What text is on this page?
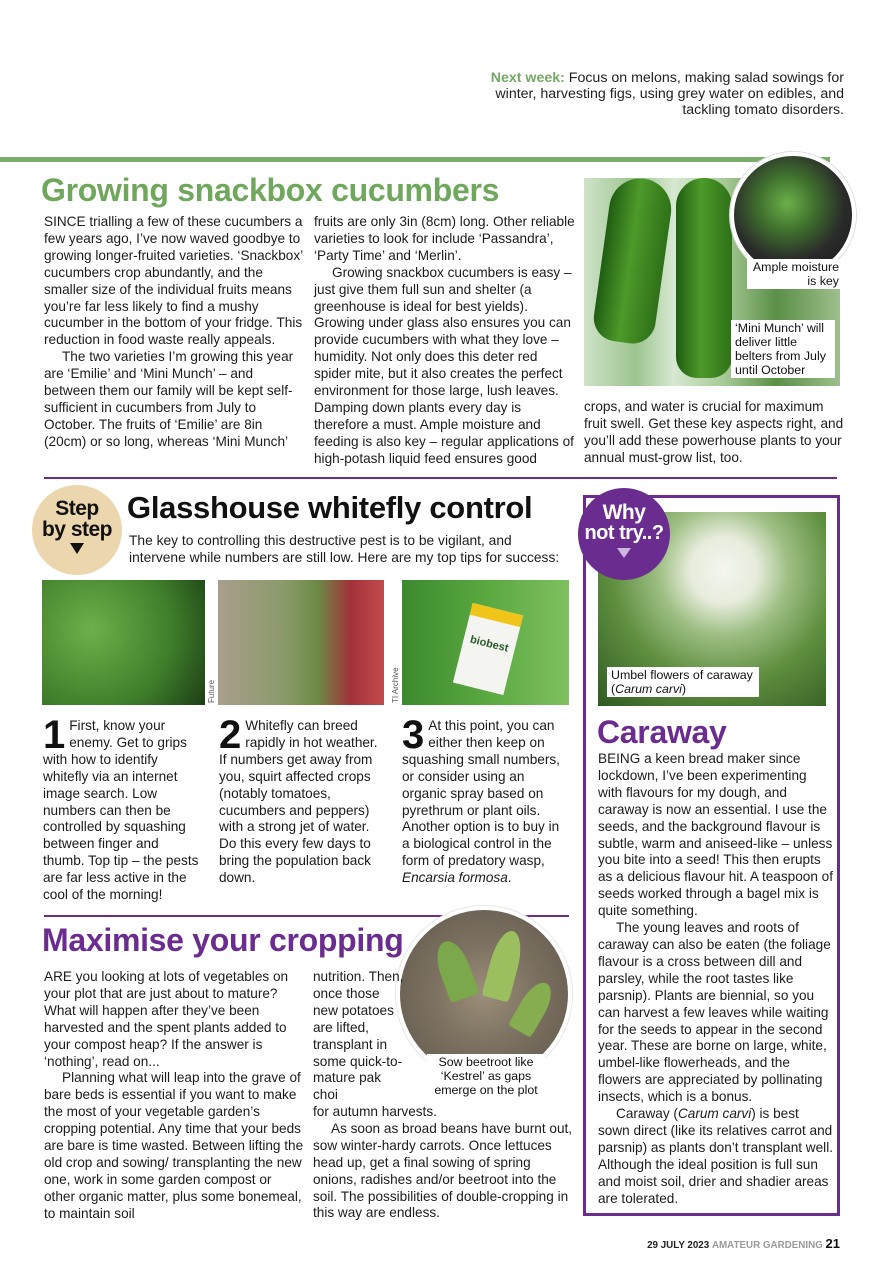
Next week: Focus on melons, making salad sowings for winter, harvesting figs, using grey water on edibles, and tackling tomato disorders.
Growing snackbox cucumbers

SINCE trialling a few of these cucumbers a few years ago, I’ve now waved goodbye to growing longer-fruited varieties. ‘Snackbox’ cucumbers crop abundantly, and the smaller size of the individual fruits means you’re far less likely to find a mushy cucumber in the bottom of your fridge. This reduction in food waste really appeals.

The two varieties I’m growing this year are ‘Emilie’ and ‘Mini Munch’ – and between them our family will be kept self-sufficient in cucumbers from July to October. The fruits of ‘Emilie’ are 8in (20cm) or so long, whereas ‘Mini Munch’

fruits are only 3in (8cm) long. Other reliable varieties to look for include ‘Passandra’, ‘Party Time’ and ‘Merlin’.

Growing snackbox cucumbers is easy – just give them full sun and shelter (a greenhouse is ideal for best yields). Growing under glass also ensures you can provide cucumbers with what they love – humidity. Not only does this deter red spider mite, but it also creates the perfect environment for those large, lush leaves. Damping down plants every day is therefore a must. Ample moisture and feeding is also key – regular applications of high-potash liquid feed ensures good

Ample moisture is key
‘Mini Munch’ will deliver little belters from July until October
crops, and water is crucial for maximum fruit swell. Get these key aspects right, and you’ll add these powerhouse plants to your annual must-grow list, too.
Step
by step
Glasshouse whitefly control
The key to controlling this destructive pest is to be vigilant, and intervene while numbers are still low. Here are my top tips for success:
biobest
Future	TI Archive
1 First, know your enemy. Get to grips with how to identify whitefly via an internet image search. Low numbers can then be controlled by squashing between finger and thumb. Top tip – the pests are far less active in the cool of the morning!
2 Whitefly can breed rapidly in hot weather. If numbers get away from you, squirt affected crops (notably tomatoes, cucumbers and peppers) with a strong jet of water. Do this every few days to bring the population back down.
3 At this point, you can either then keep on squashing small numbers, or consider using an organic spray based on pyrethrum or plant oils. Another option is to buy in a biological control in the form of predatory wasp, Encarsia formosa.
Maximise your cropping
Sow beetroot like ‘Kestrel’ as gaps emerge on the plot

ARE you looking at lots of vegetables on your plot that are just about to mature? What will happen after they’ve been harvested and the spent plants added to your compost heap? If the answer is ‘nothing’, read on...

Planning what will leap into the grave of bare beds is essential if you want to make the most of your vegetable garden’s cropping potential. Any time that your beds are bare is time wasted. Between lifting the old crop and sowing/ transplanting the new one, work in some garden compost or other organic matter, plus some bonemeal, to maintain soil

nutrition. Then, once those new potatoes are lifted, transplant in some quick-to-mature pak choi

for autumn harvests.

As soon as broad beans have burnt out, sow winter-hardy carrots. Once lettuces head up, get a final sowing of spring onions, radishes and/or beetroot into the soil. The possibilities of double-cropping in this way are endless.

Why
not try..?
Umbel flowers of caraway
(Carum carvi)
Caraway

BEING a keen bread maker since lockdown, I’ve been experimenting with flavours for my dough, and caraway is now an essential. I use the seeds, and the background flavour is subtle, warm and aniseed-like – unless you bite into a seed! This then erupts as a delicious flavour hit. A teaspoon of seeds worked through a bagel mix is quite something.

The young leaves and roots of caraway can also be eaten (the foliage flavour is a cross between dill and parsley, while the root tastes like parsnip). Plants are biennial, so you can harvest a few leaves while waiting for the seeds to appear in the second year. These are borne on large, white, umbel-like flowerheads, and the flowers are appreciated by pollinating insects, which is a bonus.

Caraway (Carum carvi) is best sown direct (like its relatives carrot and parsnip) as plants don’t transplant well. Although the ideal position is full sun and moist soil, drier and shadier areas are tolerated.

29 JULY 2023 AMATEUR GARDENING 21
